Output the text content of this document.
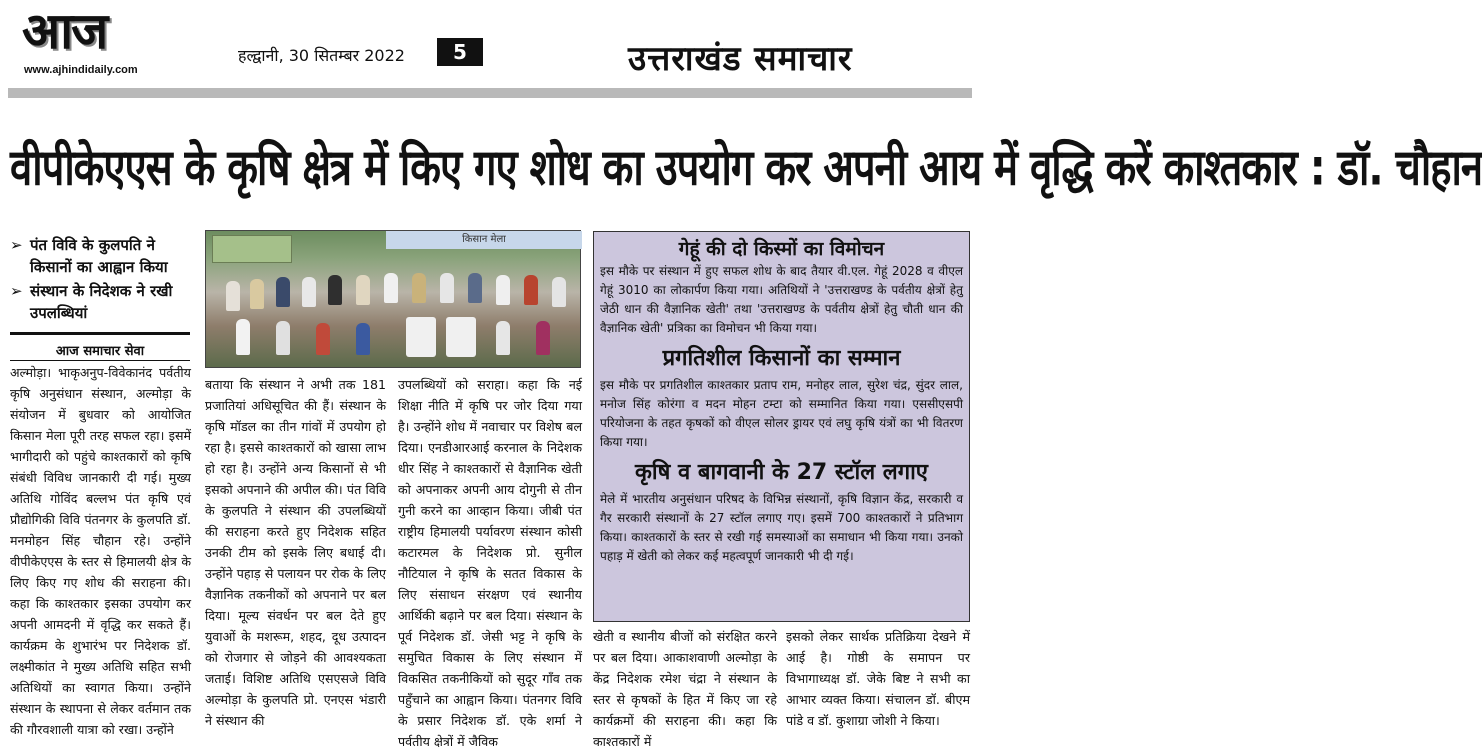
आज
www.ajhindidaily.com
हल्द्वानी, 30 सितम्बर 2022	5	उत्तराखंड समाचार
वीपीकेएएस के कृषि क्षेत्र में किए गए शोध का उपयोग कर अपनी आय में वृद्धि करें काश्तकार : डॉ. चौहान
➢ पंत विवि के कुलपति ने किसानों का आह्वान किया
➢ संस्थान के निदेशक ने रखी उपलब्धियां
आज समाचार सेवा

अल्मोड़ा। भाकृअनुप-विवेकानंद पर्वतीय कृषि अनुसंधान संस्थान, अल्मोड़ा के संयोजन में बुधवार को आयोजित किसान मेला पूरी तरह सफल रहा। इसमें भागीदारी को पहुंचे काश्तकारों को कृषि संबंधी विविध जानकारी दी गई। मुख्य अतिथि गोविंद बल्लभ पंत कृषि एवं प्रौद्योगिकी विवि पंतनगर के कुलपति डॉ. मनमोहन सिंह चौहान रहे। उन्होंने वीपीकेएएस के स्तर से हिमालयी क्षेत्र के लिए किए गए शोध की सराहना की। कहा कि काश्तकार इसका उपयोग कर अपनी आमदनी में वृद्धि कर सकते हैं। कार्यक्रम के शुभारंभ पर निदेशक डॉ. लक्ष्मीकांत ने मुख्य अतिथि सहित सभी अतिथियों का स्वागत किया। उन्होंने संस्थान के स्थापना से लेकर वर्तमान तक की गौरवशाली यात्रा को रखा। उन्होंने

किसान मेला

बताया कि संस्थान ने अभी तक 181 प्रजातियां अधिसूचित की हैं। संस्थान के कृषि मॉडल का तीन गांवों में उपयोग हो रहा है। इससे काश्तकारों को खासा लाभ हो रहा है। उन्होंने अन्य किसानों से भी इसको अपनाने की अपील की। पंत विवि के कुलपति ने संस्थान की उपलब्धियों की सराहना करते हुए निदेशक सहित उनकी टीम को इसके लिए बधाई दी। उन्होंने पहाड़ से पलायन पर रोक के लिए वैज्ञानिक तकनीकों को अपनाने पर बल दिया। मूल्य संवर्धन पर बल देते हुए युवाओं के मशरूम, शहद, दूध उत्पादन को रोजगार से जोड़ने की आवश्यकता जताई। विशिष्ट अतिथि एसएसजे विवि अल्मोड़ा के कुलपति प्रो. एनएस भंडारी ने संस्थान की

उपलब्धियों को सराहा। कहा कि नई शिक्षा नीति में कृषि पर जोर दिया गया है। उन्होंने शोध में नवाचार पर विशेष बल दिया। एनडीआरआई करनाल के निदेशक धीर सिंह ने काश्तकारों से वैज्ञानिक खेती को अपनाकर अपनी आय दोगुनी से तीन गुनी करने का आव्हान किया। जीबी पंत राष्ट्रीय हिमालयी पर्यावरण संस्थान कोसी कटारमल के निदेशक प्रो. सुनील नौटियाल ने कृषि के सतत विकास के लिए संसाधन संरक्षण एवं स्थानीय आर्थिकी बढ़ाने पर बल दिया। संस्थान के पूर्व निदेशक डॉ. जेसी भट्ट ने कृषि के समुचित विकास के लिए संस्थान में विकसित तकनीकियों को सुदूर गाँव तक पहुँचाने का आह्वान किया। पंतनगर विवि के प्रसार निदेशक डॉ. एके शर्मा ने पर्वतीय क्षेत्रों में जैविक

गेहूं की दो किस्मों का विमोचन

इस मौके पर संस्थान में हुए सफल शोध के बाद तैयार वी.एल. गेहूं 2028 व वीएल गेहूं 3010 का लोकार्पण किया गया। अतिथियों ने 'उत्तराखण्ड के पर्वतीय क्षेत्रों हेतु जेठी धान की वैज्ञानिक खेती' तथा 'उत्तराखण्ड के पर्वतीय क्षेत्रों हेतु चौती धान की वैज्ञानिक खेती' प्रत्रिका का विमोचन भी किया गया।

प्रगतिशील किसानों का सम्मान

इस मौके पर प्रगतिशील काश्तकार प्रताप राम, मनोहर लाल, सुरेश चंद्र, सुंदर लाल, मनोज सिंह कोरंगा व मदन मोहन टम्टा को सम्मानित किया गया। एससीएसपी परियोजना के तहत कृषकों को वीएल सोलर ड्रायर एवं लघु कृषि यंत्रों का भी वितरण किया गया।

कृषि व बागवानी के 27 स्टॉल लगाए

मेले में भारतीय अनुसंधान परिषद के विभिन्न संस्थानों, कृषि विज्ञान केंद्र, सरकारी व गैर सरकारी संस्थानों के 27 स्टॉल लगाए गए। इसमें 700 काश्तकारों ने प्रतिभाग किया। काश्तकारों के स्तर से रखी गई समस्याओं का समाधान भी किया गया। उनको पहाड़ में खेती को लेकर कई महत्वपूर्ण जानकारी भी दी गई।

खेती व स्थानीय बीजों को संरक्षित करने पर बल दिया। आकाशवाणी अल्मोड़ा के केंद्र निदेशक रमेश चंद्रा ने संस्थान के स्तर से कृषकों के हित में किए जा रहे कार्यक्रमों की सराहना की। कहा कि काश्तकारों में

इसको लेकर सार्थक प्रतिक्रिया देखने में आई है। गोष्ठी के समापन पर विभागाध्यक्ष डॉ. जेके बिष्ट ने सभी का आभार व्यक्त किया। संचालन डॉ. बीएम पांडे व डॉ. कुशाग्रा जोशी ने किया।
